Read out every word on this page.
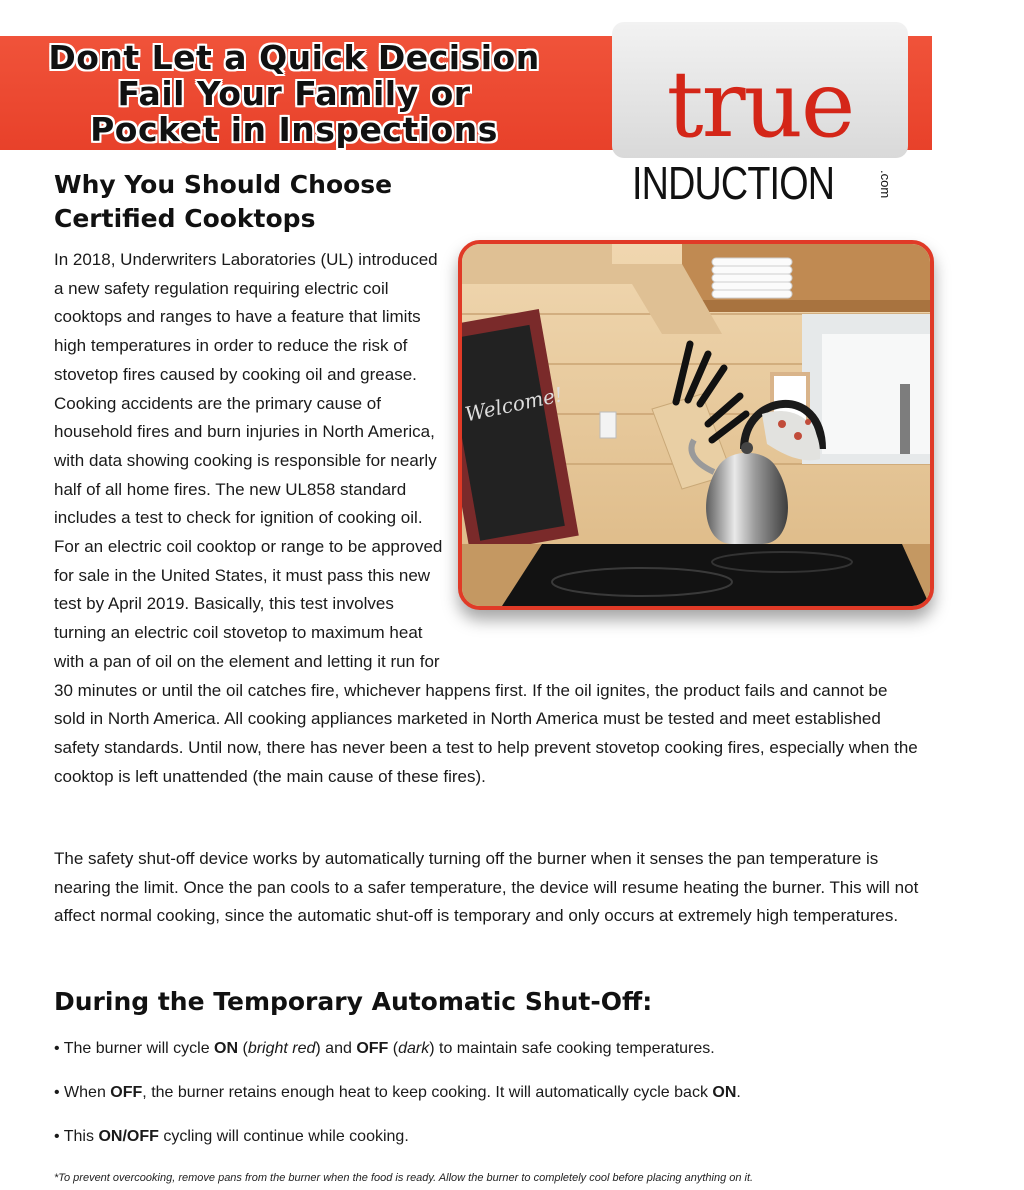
Dont Let a Quick Decision
Fail Your Family or
Pocket in Inspections	true
INDUCTION	.com
Why You Should Choose
Certified Cooktops
In 2018, Underwriters Laboratories (UL) introduced a new safety regulation requiring electric coil cooktops and ranges to have a feature that limits high temperatures in order to reduce the risk of stovetop fires caused by cooking oil and grease. Cooking accidents are the primary cause of household fires and burn injuries in North America, with data showing cooking is responsible for nearly half of all home fires. The new UL858 standard includes a test to check for ignition of cooking oil. For an electric coil cooktop or range to be approved for sale in the United States, it must pass this new test by April 2019. Basically, this test involves turning an electric coil stovetop to maximum heat with a pan of oil on the element and letting it run for 30 minutes or until the oil catches fire, whichever happens first. If the oil ignites, the product fails and cannot be sold in North America. All cooking appliances marketed in North America must be tested and meet established safety standards. Until now, there has never been a test to help prevent stovetop cooking fires, especially when the cooktop is left unattended (the main cause of these fires).
Welcome!
The safety shut-off device works by automatically turning off the burner when it senses the pan temperature is nearing the limit. Once the pan cools to a safer temperature, the device will resume heating the burner. This will not affect normal cooking, since the automatic shut-off is temporary and only occurs at extremely high temperatures.
During the Temporary Automatic Shut-Off:
• The burner will cycle ON (bright red) and OFF (dark) to maintain safe cooking temperatures.
• When OFF, the burner retains enough heat to keep cooking. It will automatically cycle back ON.
• This ON/OFF cycling will continue while cooking.
*To prevent overcooking, remove pans from the burner when the food is ready. Allow the burner to completely cool before placing anything on it.
